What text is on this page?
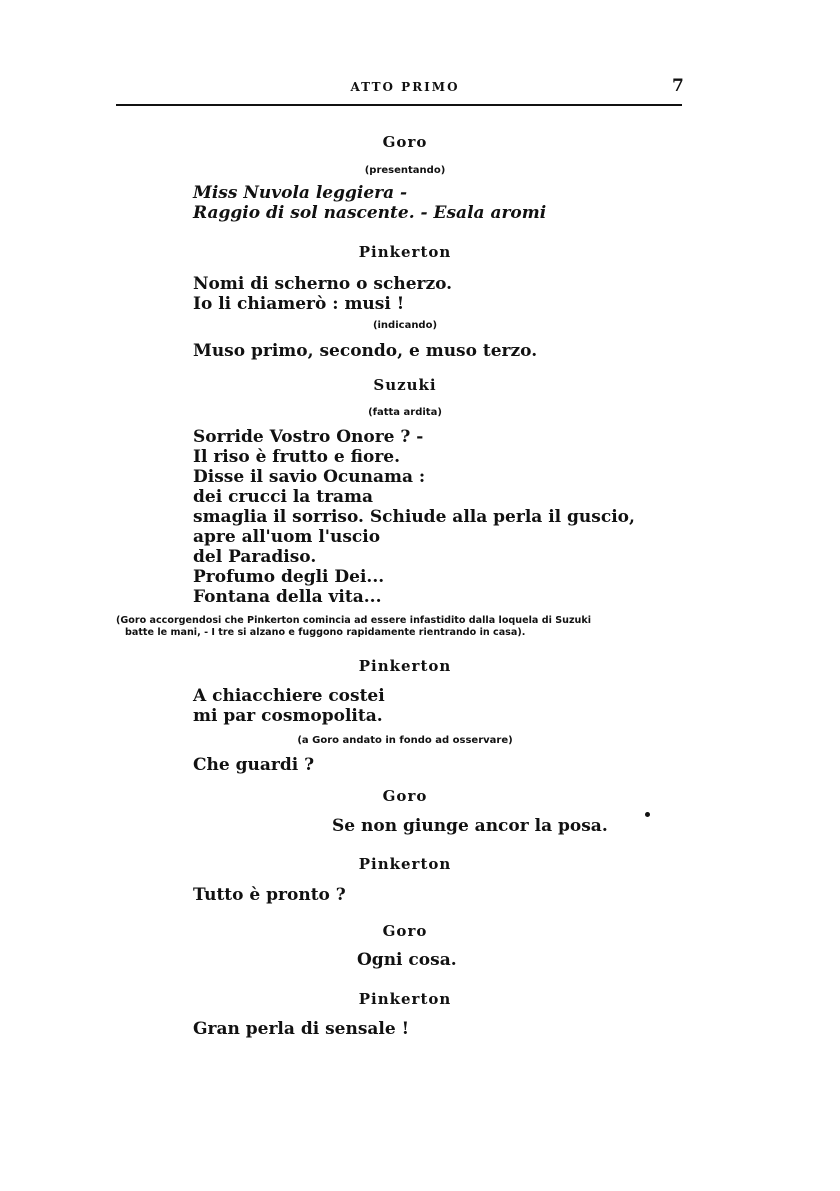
ATTO PRIMO	7
Goro
(presentando)
Miss Nuvola leggiera -
Raggio di sol nascente. - Esala aromi
Pinkerton
Nomi di scherno o scherzo.
Io li chiamerò : musi !
(indicando)
Muso primo, secondo, e muso terzo.
Suzuki
(fatta ardita)
Sorride Vostro Onore ? -
Il riso è frutto e fiore.
Disse il savio Ocunama :
dei crucci la trama
smaglia il sorriso. Schiude alla perla il guscio,
apre all'uom l'uscio
del Paradiso.
Profumo degli Dei...
Fontana della vita...
(Goro accorgendosi che Pinkerton comincia ad essere infastidito dalla loquela di Suzuki
batte le mani, - I tre si alzano e fuggono rapidamente rientrando in casa).
Pinkerton
A chiacchiere costei
mi par cosmopolita.
(a Goro andato in fondo ad osservare)
Che guardi ?
Goro
Se non giunge ancor la posa.
Pinkerton
Tutto è pronto ?
Goro
Ogni cosa.
Pinkerton
Gran perla di sensale !
